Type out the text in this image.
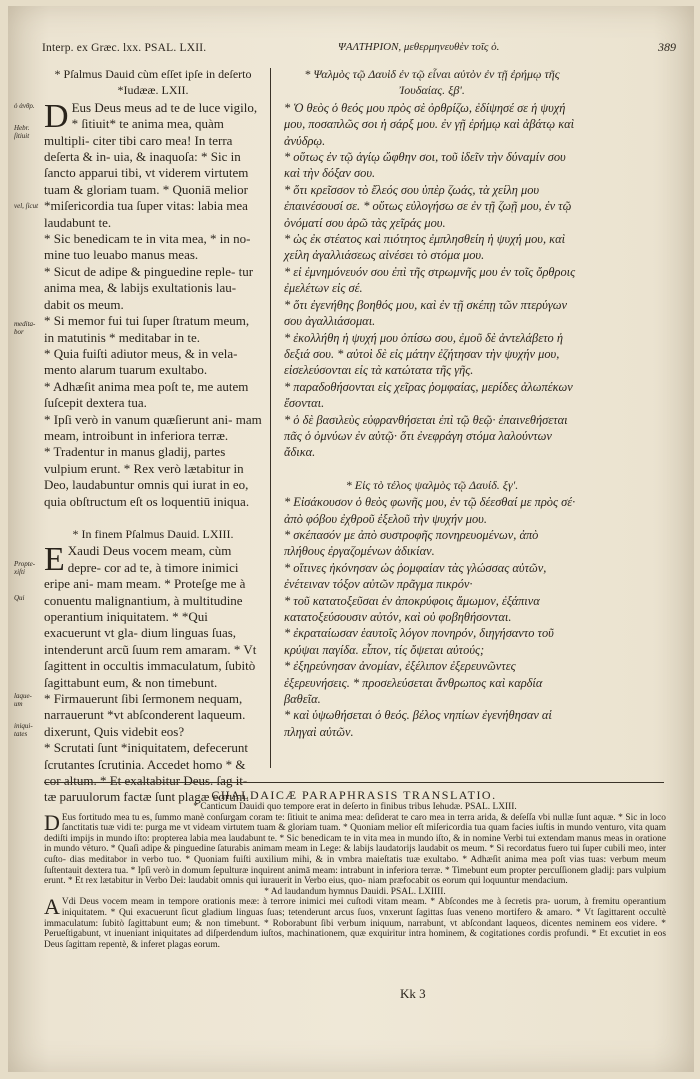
Interp. ex Græc. lxx. PSAL. LXII.	ΨΑΛΤΗΡΙΟΝ, μεθερμηνευθὲν τοῖς ὀ.	389
ὁ ἀνθρ.
Hebr. ſitiuit
vel, ſicut
medita- bor
Propte- xiſti
Qui
laque- um
iniqui- tates

* Pſalmus Dauid cùm eſſet ipſe in deſerto *Iudææ. LXII.

D Eus Deus meus ad te de luce vigilo, * ſitiuit* te anima mea, quàm multipli- citer tibi caro mea! In terra deſerta & in- uia, & inaquoſa: * Sic in ſancto apparui tibi, vt viderem virtutem tuam & gloriam tuam. * Quoniā melior *miſericordia tua ſuper vitas: labia mea laudabunt te.

* Sic benedicam te in vita mea, * in no- mine tuo leuabo manus meas.

* Sicut de adipe & pinguedine reple- tur anima mea, & labijs exultationis lau- dabit os meum.

* Si memor fui tui ſuper ſtratum meum, in matutinis * meditabar in te.

* Quia fuiſti adiutor meus, & in vela- mento alarum tuarum exultabo.

* Adhæſit anima mea poſt te, me autem ſuſcepit dextera tua.

* Ipſi verò in vanum quæſierunt ani- mam meam, introibunt in inferiora terræ.

* Tradentur in manus gladij, partes vulpium erunt. * Rex verò lætabitur in Deo, laudabuntur omnis qui iurat in eo, quia obſtructum eſt os loquentiū iniqua.

* In finem Pſalmus Dauid. LXIII.

E Xaudi Deus vocem meam, cùm depre- cor ad te, à timore inimici eripe ani- mam meam. * Proteſge me à conuentu malignantium, à multitudine operantium iniquitatem. * *Qui exacuerunt vt gla- dium linguas ſuas, intenderunt arcũ ſuum rem amaram. * Vt ſagittent in occultis immaculatum, ſubitò ſagittabunt eum, & non timebunt.

* Firmauerunt ſibi ſermonem nequam, narrauerunt *vt abſconderent laqueum. dixerunt, Quis videbit eos?

* Scrutati ſunt *iniquitatem, defecerunt ſcrutantes ſcrutinia. Accedet homo * & cor altum. * Et exaltabitur Deus. ſag it- tæ paruulorum factæ ſunt plagæ eorum.

* Ψαλμὸς τῷ Δαυὶδ ἐν τῷ εἶναι αὐτὸν ἐν τῇ ἐρήμῳ τῆς Ἰουδαίας. ξβ'.

* Ὁ θεὸς ὁ θεός μου πρὸς σὲ ὀρθρίζω, ἐδίψησέ σε ἡ ψυχή μου, ποσαπλῶς σοι ἡ σάρξ μου. ἐν γῇ ἐρήμῳ καὶ ἀβάτῳ καὶ ἀνύδρῳ.

* οὕτως ἐν τῷ ἁγίῳ ὤφθην σοι, τοῦ ἰδεῖν τὴν δύναμίν σου καὶ τὴν δόξαν σου.

* ὅτι κρεῖσσον τὸ ἔλεός σου ὑπὲρ ζωάς, τὰ χείλη μου ἐπαινέσουσί σε. * οὕτως εὐλογήσω σε ἐν τῇ ζωῇ μου, ἐν τῷ ὀνόματί σου ἀρῶ τὰς χεῖράς μου.

* ὡς ἐκ στέατος καὶ πιότητος ἐμπλησθείη ἡ ψυχή μου, καὶ χείλη ἀγαλλιάσεως αἰνέσει τὸ στόμα μου.

* εἰ ἐμνημόνευόν σου ἐπὶ τῆς στρωμνῆς μου ἐν τοῖς ὄρθροις ἐμελέτων εἰς σέ.

* ὅτι ἐγενήθης βοηθός μου, καὶ ἐν τῇ σκέπῃ τῶν πτερύγων σου ἀγαλλιάσομαι.

* ἐκολλήθη ἡ ψυχή μου ὀπίσω σου, ἐμοῦ δὲ ἀντελάβετο ἡ δεξιά σου. * αὐτοὶ δὲ εἰς μάτην ἐζήτησαν τὴν ψυχήν μου, εἰσελεύσονται εἰς τὰ κατώτατα τῆς γῆς.

* παραδοθήσονται εἰς χεῖρας ῥομφαίας, μερίδες ἀλωπέκων ἔσονται.

* ὁ δὲ βασιλεὺς εὐφρανθήσεται ἐπὶ τῷ θεῷ· ἐπαινεθήσεται πᾶς ὁ ὀμνύων ἐν αὐτῷ· ὅτι ἐνεφράγη στόμα λαλούντων ἄδικα.

* Εἰς τὸ τέλος ψαλμὸς τῷ Δαυίδ. ξγ'.

* Εἰσάκουσον ὁ θεὸς φωνῆς μου, ἐν τῷ δέεσθαί με πρὸς σέ· ἀπὸ φόβου ἐχθροῦ ἐξελοῦ τὴν ψυχήν μου.

* σκέπασόν με ἀπὸ συστροφῆς πονηρευομένων, ἀπὸ πλήθους ἐργαζομένων ἀδικίαν.

* οἵτινες ἠκόνησαν ὡς ῥομφαίαν τὰς γλώσσας αὐτῶν, ἐνέτειναν τόξον αὐτῶν πρᾶγμα πικρόν·

* τοῦ κατατοξεῦσαι ἐν ἀποκρύφοις ἄμωμον, ἐξάπινα κατατοξεύσουσιν αὐτόν, καὶ οὐ φοβηθήσονται.

* ἐκραταίωσαν ἑαυτοῖς λόγον πονηρόν, διηγήσαντο τοῦ κρύψαι παγίδα. εἶπον, τίς ὄψεται αὐτούς;

* ἐξηρεύνησαν ἀνομίαν, ἐξέλιπον ἐξερευνῶντες ἐξερευνήσεις. * προσελεύσεται ἄνθρωπος καὶ καρδία βαθεῖα.

* καὶ ὑψωθήσεται ὁ θεός. βέλος νηπίων ἐγενήθησαν αἱ πληγαὶ αὐτῶν.

CHALDAICÆ PARAPHRASIS TRANSLATIO.

* Canticum Dauidi quo tempore erat in deſerto in finibus tribus Iehudæ. PSAL. LXIII.

D Eus fortitudo mea tu es, ſummo manè conſurgam coram te: ſitiuit te anima mea: deſiderat te caro mea in terra arida, & deſeſſa vbi nullæ ſunt aquæ. * Sic in loco ſanctitatis tuæ vidi te: purga me vt videam virtutem tuam & gloriam tuam. * Quoniam melior eſt miſericordia tua quam facies iuſtis in mundo venturo, vita quam dediſti impijs in mundo iſto: propterea labia mea laudabunt te. * Sic benedicam te in vita mea in mundo iſto, & in nomine Verbi tui extendam manus meas in oratione in mundo vëturo. * Quaſi adipe & pinguedine ſaturabis animam meam in Lege: & labijs laudatorijs laudabit os meum. * Si recordatus fuero tui ſuper cubili meo, inter cuſto- dias meditabor in verbo tuo. * Quoniam fuiſti auxilium mihi, & in vmbra maieſtatis tuæ exultabo. * Adhæſit anima mea poſt vias tuas: verbum meum ſuſtentauit dextera tua. * Ipſi verò in domum ſepulturæ inquirent animā meam: intrabunt in inferiora terræ. * Timebunt eum propter percuſſionem gladij: pars vulpium erunt. * Et rex lætabitur in Verbo Dei: laudabit omnis qui iurauerit in Verbo eius, quo- niam præfocabit os eorum qui loquuntur mendacium.

* Ad laudandum hymnus Dauidi. PSAL. LXIIII.

A Vdi Deus vocem meam in tempore orationis meæ: à terrore inimici mei cuſtodi vitam meam. * Abſcondes me à ſecretis pra- uorum, à fremitu operantium iniquitatem. * Qui exacuerunt ſicut gladium linguas ſuas; tetenderunt arcus ſuos, vnxerunt ſagittas ſuas veneno mortifero & amaro. * Vt ſagittarent occultè immaculatum: ſubitò ſagittabunt eum; & non timebunt. * Roborabunt ſibi verbum iniquum, narrabunt, vt abſcondant laqueos, dicentes neminem eos videre. * Perueſtigabunt, vt inueniant iniquitates ad diſperdendum iuſtos, machinationem, quæ exquiritur intra hominem, & cogitationes cordis profundi. * Et excutiet in eos Deus ſagittam repentè, & inferet plagas eorum.

Kk 3
